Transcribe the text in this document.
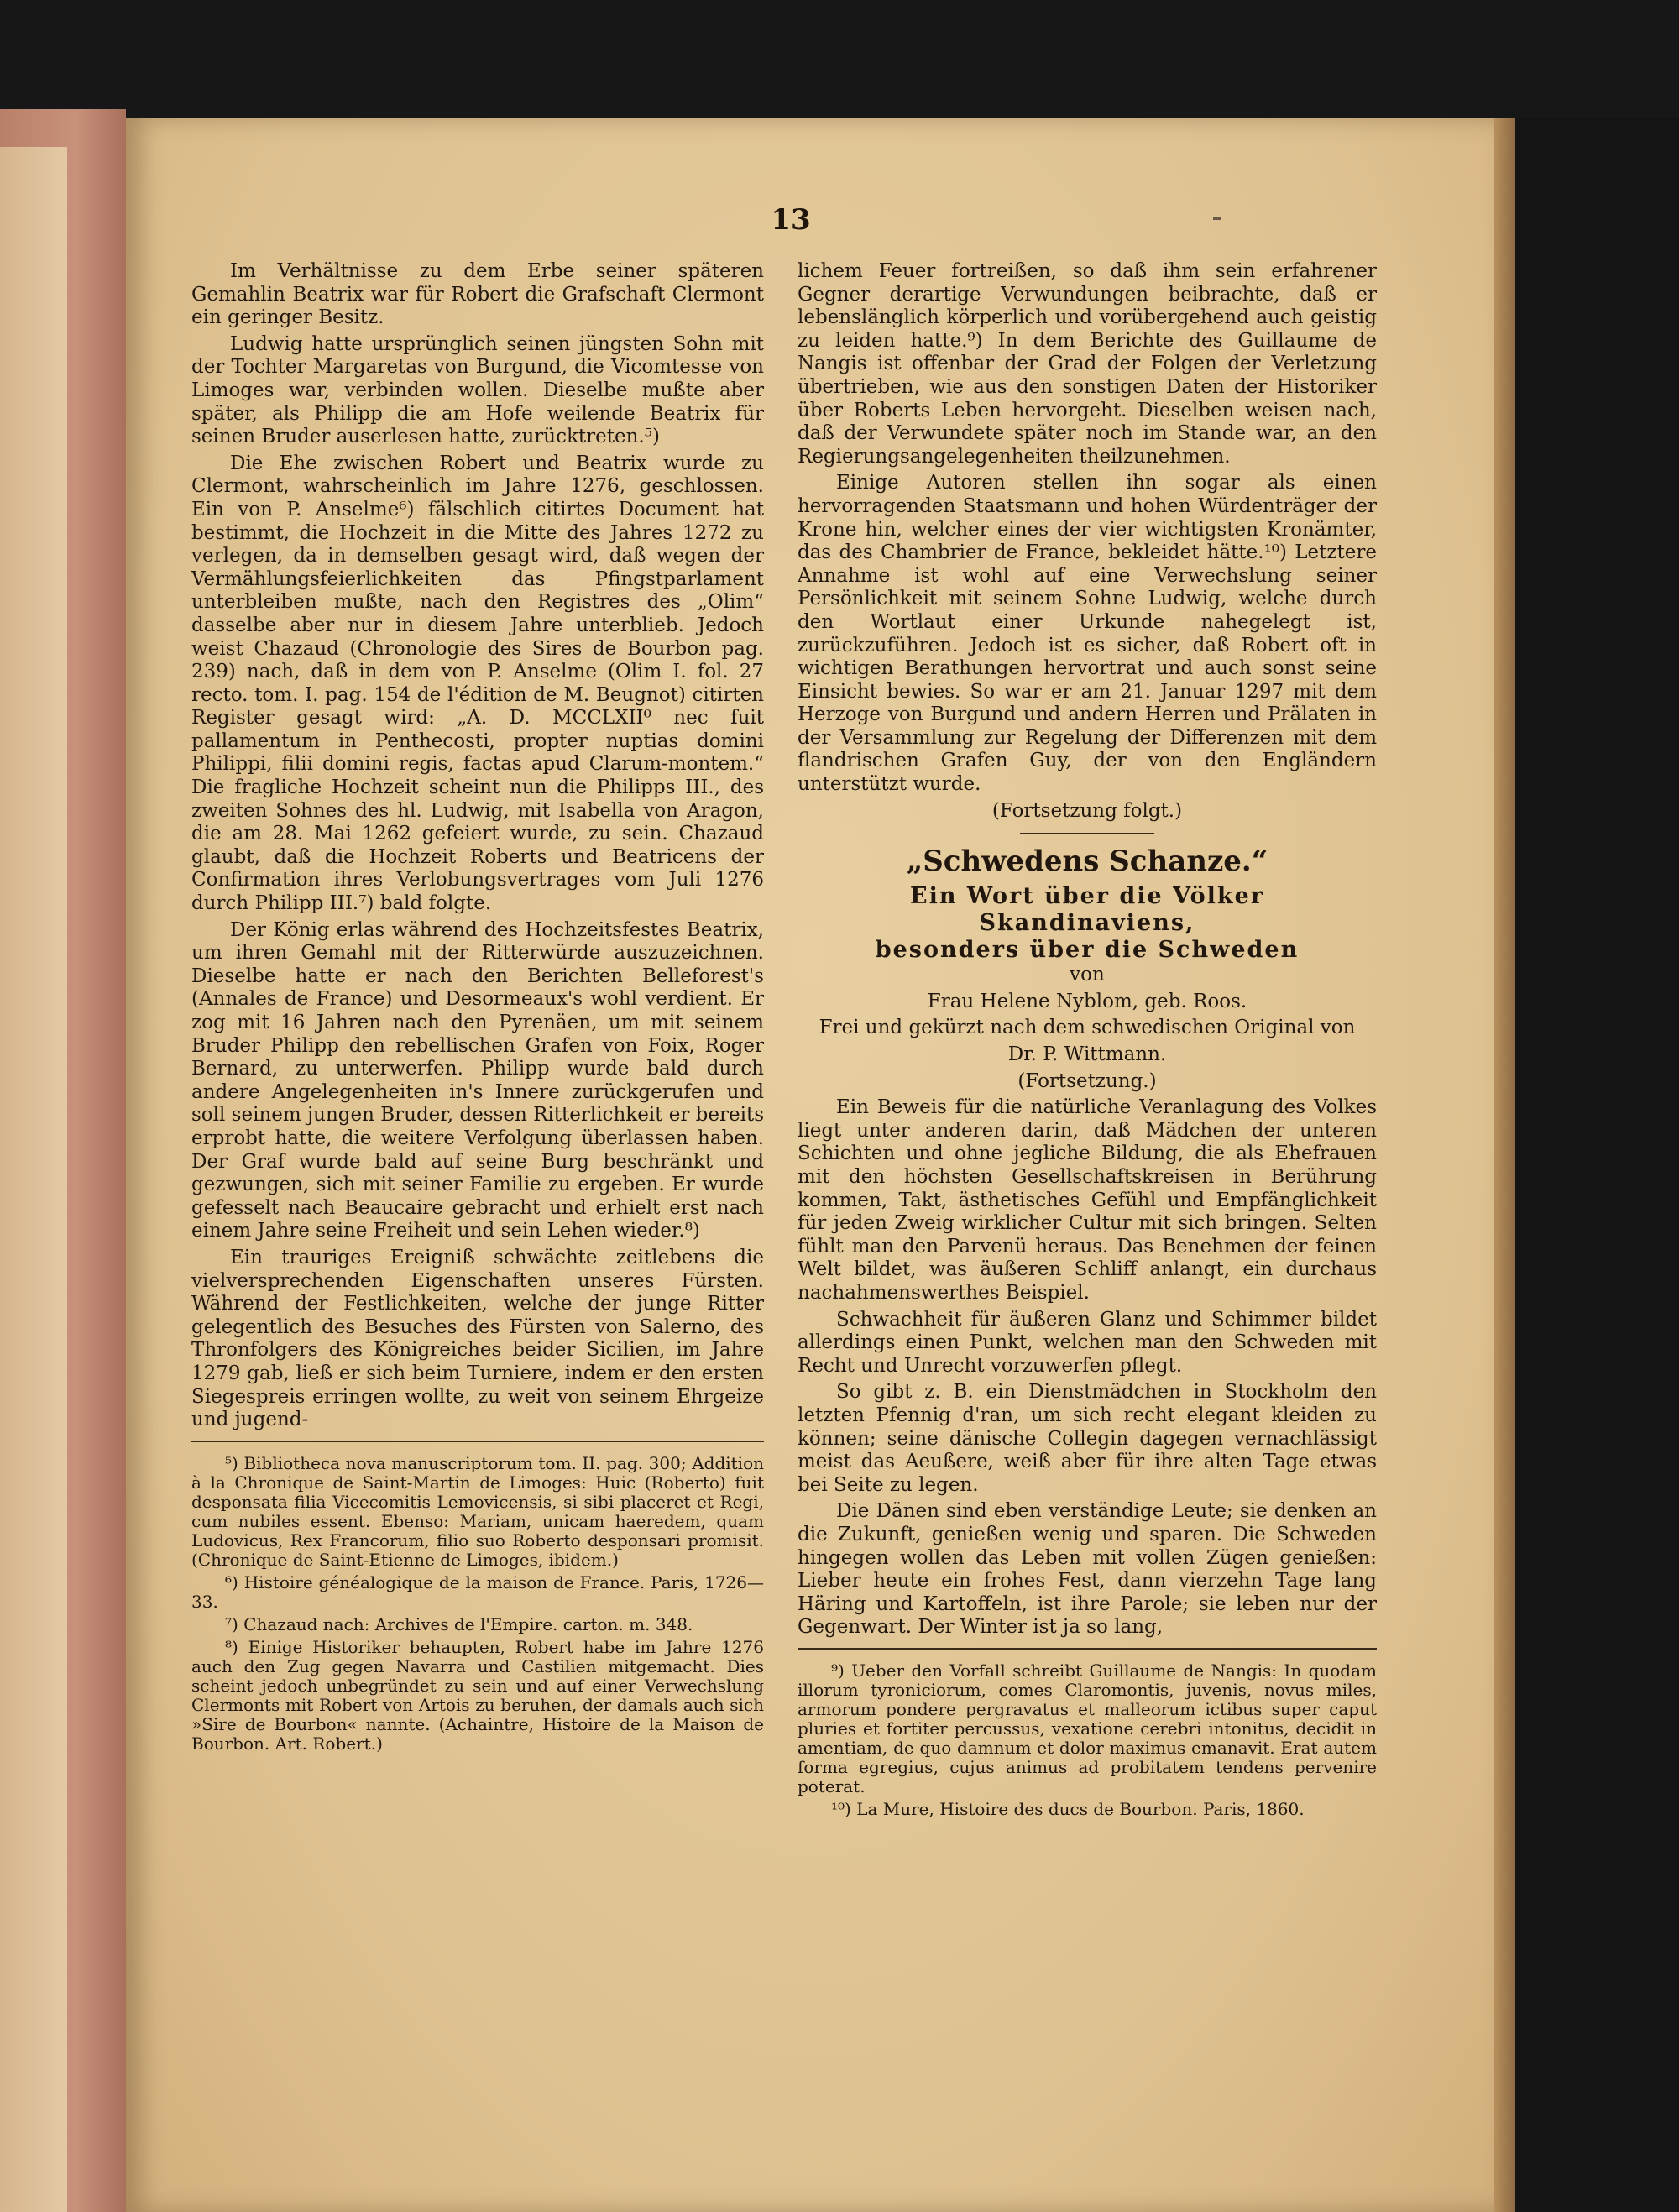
13

Im Verhältnisse zu dem Erbe seiner späteren Gemahlin Beatrix war für Robert die Grafschaft Clermont ein geringer Besitz.

Ludwig hatte ursprünglich seinen jüngsten Sohn mit der Tochter Margaretas von Burgund, die Vicomtesse von Limoges war, verbinden wollen. Dieselbe mußte aber später, als Philipp die am Hofe weilende Beatrix für seinen Bruder auserlesen hatte, zurücktreten.⁵)

Die Ehe zwischen Robert und Beatrix wurde zu Clermont, wahrscheinlich im Jahre 1276, geschlossen. Ein von P. Anselme⁶) fälschlich citirtes Document hat bestimmt, die Hochzeit in die Mitte des Jahres 1272 zu verlegen, da in demselben gesagt wird, daß wegen der Vermählungsfeierlichkeiten das Pfingstparlament unterbleiben mußte, nach den Registres des „Olim“ dasselbe aber nur in diesem Jahre unterblieb. Jedoch weist Chazaud (Chronologie des Sires de Bourbon pag. 239) nach, daß in dem von P. Anselme (Olim I. fol. 27 recto. tom. I. pag. 154 de l'édition de M. Beugnot) citirten Register gesagt wird: „A. D. MCCLXII⁰ nec fuit pallamentum in Penthecosti, propter nuptias domini Philippi, filii domini regis, factas apud Clarum-montem.“ Die fragliche Hochzeit scheint nun die Philipps III., des zweiten Sohnes des hl. Ludwig, mit Isabella von Aragon, die am 28. Mai 1262 gefeiert wurde, zu sein. Chazaud glaubt, daß die Hochzeit Roberts und Beatricens der Confirmation ihres Verlobungsvertrages vom Juli 1276 durch Philipp III.⁷) bald folgte.

Der König erlas während des Hochzeitsfestes Beatrix, um ihren Gemahl mit der Ritterwürde auszuzeichnen. Dieselbe hatte er nach den Berichten Belleforest's (Annales de France) und Desormeaux's wohl verdient. Er zog mit 16 Jahren nach den Pyrenäen, um mit seinem Bruder Philipp den rebellischen Grafen von Foix, Roger Bernard, zu unterwerfen. Philipp wurde bald durch andere Angelegenheiten in's Innere zurückgerufen und soll seinem jungen Bruder, dessen Ritterlichkeit er bereits erprobt hatte, die weitere Verfolgung überlassen haben. Der Graf wurde bald auf seine Burg beschränkt und gezwungen, sich mit seiner Familie zu ergeben. Er wurde gefesselt nach Beaucaire gebracht und erhielt erst nach einem Jahre seine Freiheit und sein Lehen wieder.⁸)

Ein trauriges Ereigniß schwächte zeitlebens die vielversprechenden Eigenschaften unseres Fürsten. Während der Festlichkeiten, welche der junge Ritter gelegentlich des Besuches des Fürsten von Salerno, des Thronfolgers des Königreiches beider Sicilien, im Jahre 1279 gab, ließ er sich beim Turniere, indem er den ersten Siegespreis erringen wollte, zu weit von seinem Ehrgeize und jugend-

⁵) Bibliotheca nova manuscriptorum tom. II. pag. 300; Addition à la Chronique de Saint-Martin de Limoges: Huic (Roberto) fuit desponsata filia Vicecomitis Lemovicensis, si sibi placeret et Regi, cum nubiles essent. Ebenso: Mariam, unicam haeredem, quam Ludovicus, Rex Francorum, filio suo Roberto desponsari promisit. (Chronique de Saint-Etienne de Limoges, ibidem.)

⁶) Histoire généalogique de la maison de France. Paris, 1726—33.

⁷) Chazaud nach: Archives de l'Empire. carton. m. 348.

⁸) Einige Historiker behaupten, Robert habe im Jahre 1276 auch den Zug gegen Navarra und Castilien mitgemacht. Dies scheint jedoch unbegründet zu sein und auf einer Verwechslung Clermonts mit Robert von Artois zu beruhen, der damals auch sich »Sire de Bourbon« nannte. (Achaintre, Histoire de la Maison de Bourbon. Art. Robert.)

lichem Feuer fortreißen, so daß ihm sein erfahrener Gegner derartige Verwundungen beibrachte, daß er lebenslänglich körperlich und vorübergehend auch geistig zu leiden hatte.⁹) In dem Berichte des Guillaume de Nangis ist offenbar der Grad der Folgen der Verletzung übertrieben, wie aus den sonstigen Daten der Historiker über Roberts Leben hervorgeht. Dieselben weisen nach, daß der Verwundete später noch im Stande war, an den Regierungsangelegenheiten theilzunehmen.

Einige Autoren stellen ihn sogar als einen hervorragenden Staatsmann und hohen Würdenträger der Krone hin, welcher eines der vier wichtigsten Kronämter, das des Chambrier de France, bekleidet hätte.¹⁰) Letztere Annahme ist wohl auf eine Verwechslung seiner Persönlichkeit mit seinem Sohne Ludwig, welche durch den Wortlaut einer Urkunde nahegelegt ist, zurückzuführen. Jedoch ist es sicher, daß Robert oft in wichtigen Berathungen hervortrat und auch sonst seine Einsicht bewies. So war er am 21. Januar 1297 mit dem Herzoge von Burgund und andern Herren und Prälaten in der Versammlung zur Regelung der Differenzen mit dem flandrischen Grafen Guy, der von den Engländern unterstützt wurde.

(Fortsetzung folgt.)

„Schwedens Schanze.“
Ein Wort über die Völker Skandinaviens,
besonders über die Schweden

von

Frau Helene Nyblom, geb. Roos.

Frei und gekürzt nach dem schwedischen Original von

Dr. P. Wittmann.

(Fortsetzung.)

Ein Beweis für die natürliche Veranlagung des Volkes liegt unter anderen darin, daß Mädchen der unteren Schichten und ohne jegliche Bildung, die als Ehefrauen mit den höchsten Gesellschaftskreisen in Berührung kommen, Takt, ästhetisches Gefühl und Empfänglichkeit für jeden Zweig wirklicher Cultur mit sich bringen. Selten fühlt man den Parvenü heraus. Das Benehmen der feinen Welt bildet, was äußeren Schliff anlangt, ein durchaus nachahmenswerthes Beispiel.

Schwachheit für äußeren Glanz und Schimmer bildet allerdings einen Punkt, welchen man den Schweden mit Recht und Unrecht vorzuwerfen pflegt.

So gibt z. B. ein Dienstmädchen in Stockholm den letzten Pfennig d'ran, um sich recht elegant kleiden zu können; seine dänische Collegin dagegen vernachlässigt meist das Aeußere, weiß aber für ihre alten Tage etwas bei Seite zu legen.

Die Dänen sind eben verständige Leute; sie denken an die Zukunft, genießen wenig und sparen. Die Schweden hingegen wollen das Leben mit vollen Zügen genießen: Lieber heute ein frohes Fest, dann vierzehn Tage lang Häring und Kartoffeln, ist ihre Parole; sie leben nur der Gegenwart. Der Winter ist ja so lang,

⁹) Ueber den Vorfall schreibt Guillaume de Nangis: In quodam illorum tyroniciorum, comes Claromontis, juvenis, novus miles, armorum pondere pergravatus et malleorum ictibus super caput pluries et fortiter percussus, vexatione cerebri intonitus, decidit in amentiam, de quo damnum et dolor maximus emanavit. Erat autem forma egregius, cujus animus ad probitatem tendens pervenire poterat.

¹⁰) La Mure, Histoire des ducs de Bourbon. Paris, 1860.
